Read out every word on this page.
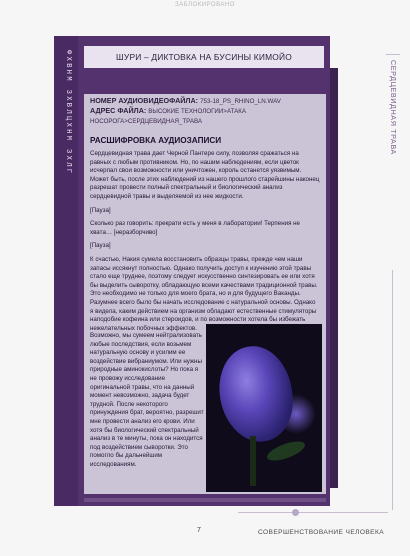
ЗАБЛОКИРОВАНО
ФХВНМ ЗХВЛЦХНМ ЗХЛГ	ШУРИ – ДИКТОВКА НА БУСИНЫ КИМОЙО
СЕРДЦЕВИДНАЯ ТРАВА
НОМЕР АУДИОВИДЕОФАЙЛА: 753-18_PS_RHINO_LN.WAV
АДРЕС ФАЙЛА: ВЫСОКИЕ ТЕХНОЛОГИИ>АТАКА НОСОРОГА>СЕРДЦЕВИДНАЯ_ТРАВА
РАСШИФРОВКА АУДИОЗАПИСИ

Сердцевидная трава дает Черной Пантере силу, позволяя сражаться на равных с любым противником. Но, по нашим наблюдениям, если цветок исчерпал свои возможности или уничтожен, король останется уязвимым. Может быть, после этих наблюдений из нашего прошлого старейшины наконец разрешат провести полный спектральный и биологический анализ сердцевидной травы и выделяемой из нее жидкости.

[Пауза]

Сколько раз говорить: прекрати есть у меня в лаборатории! Терпения не хватa… [неразборчиво]

[Пауза]

К счастью, Накия сумела восстановить образцы травы, прежде чем наши запасы иссякнут полностью. Однако получить доступ к изучению этой травы стало еще труднее, поэтому следует искусственно синтезировать ее или хотя бы выделить сыворотку, обладающую всеми качествами традиционной травы. Это необходимо не только для моего брата, но и для будущего Ваканды. Разумнее всего было бы начать исследование с натуральной основы. Однако я видела, каким действием на организм обладают естественные стимуляторы наподобие кофеина или стероидов, и по возможности хотела бы избежать нежелательных побочных эффектов.

Возможно, мы сумеем нейтрализовать любые последствия, если возьмем натуральную основу и усилим ее воздействие вибраниумом. Или нужны природные аминокислоты? Но пока я не провожу исследование оригинальной травы, что на данный момент невозможно, задача будет трудной. После некоторого принуждения брат, вероятно, разрешит мне провести анализ его крови. Или хотя бы биологический спектральный анализ в те минуты, пока он находится под воздействием сыворотки. Это помогло бы дальнейшим исследованиям.
7	СОВЕРШЕНСТВОВАНИЕ ЧЕЛОВЕКА
